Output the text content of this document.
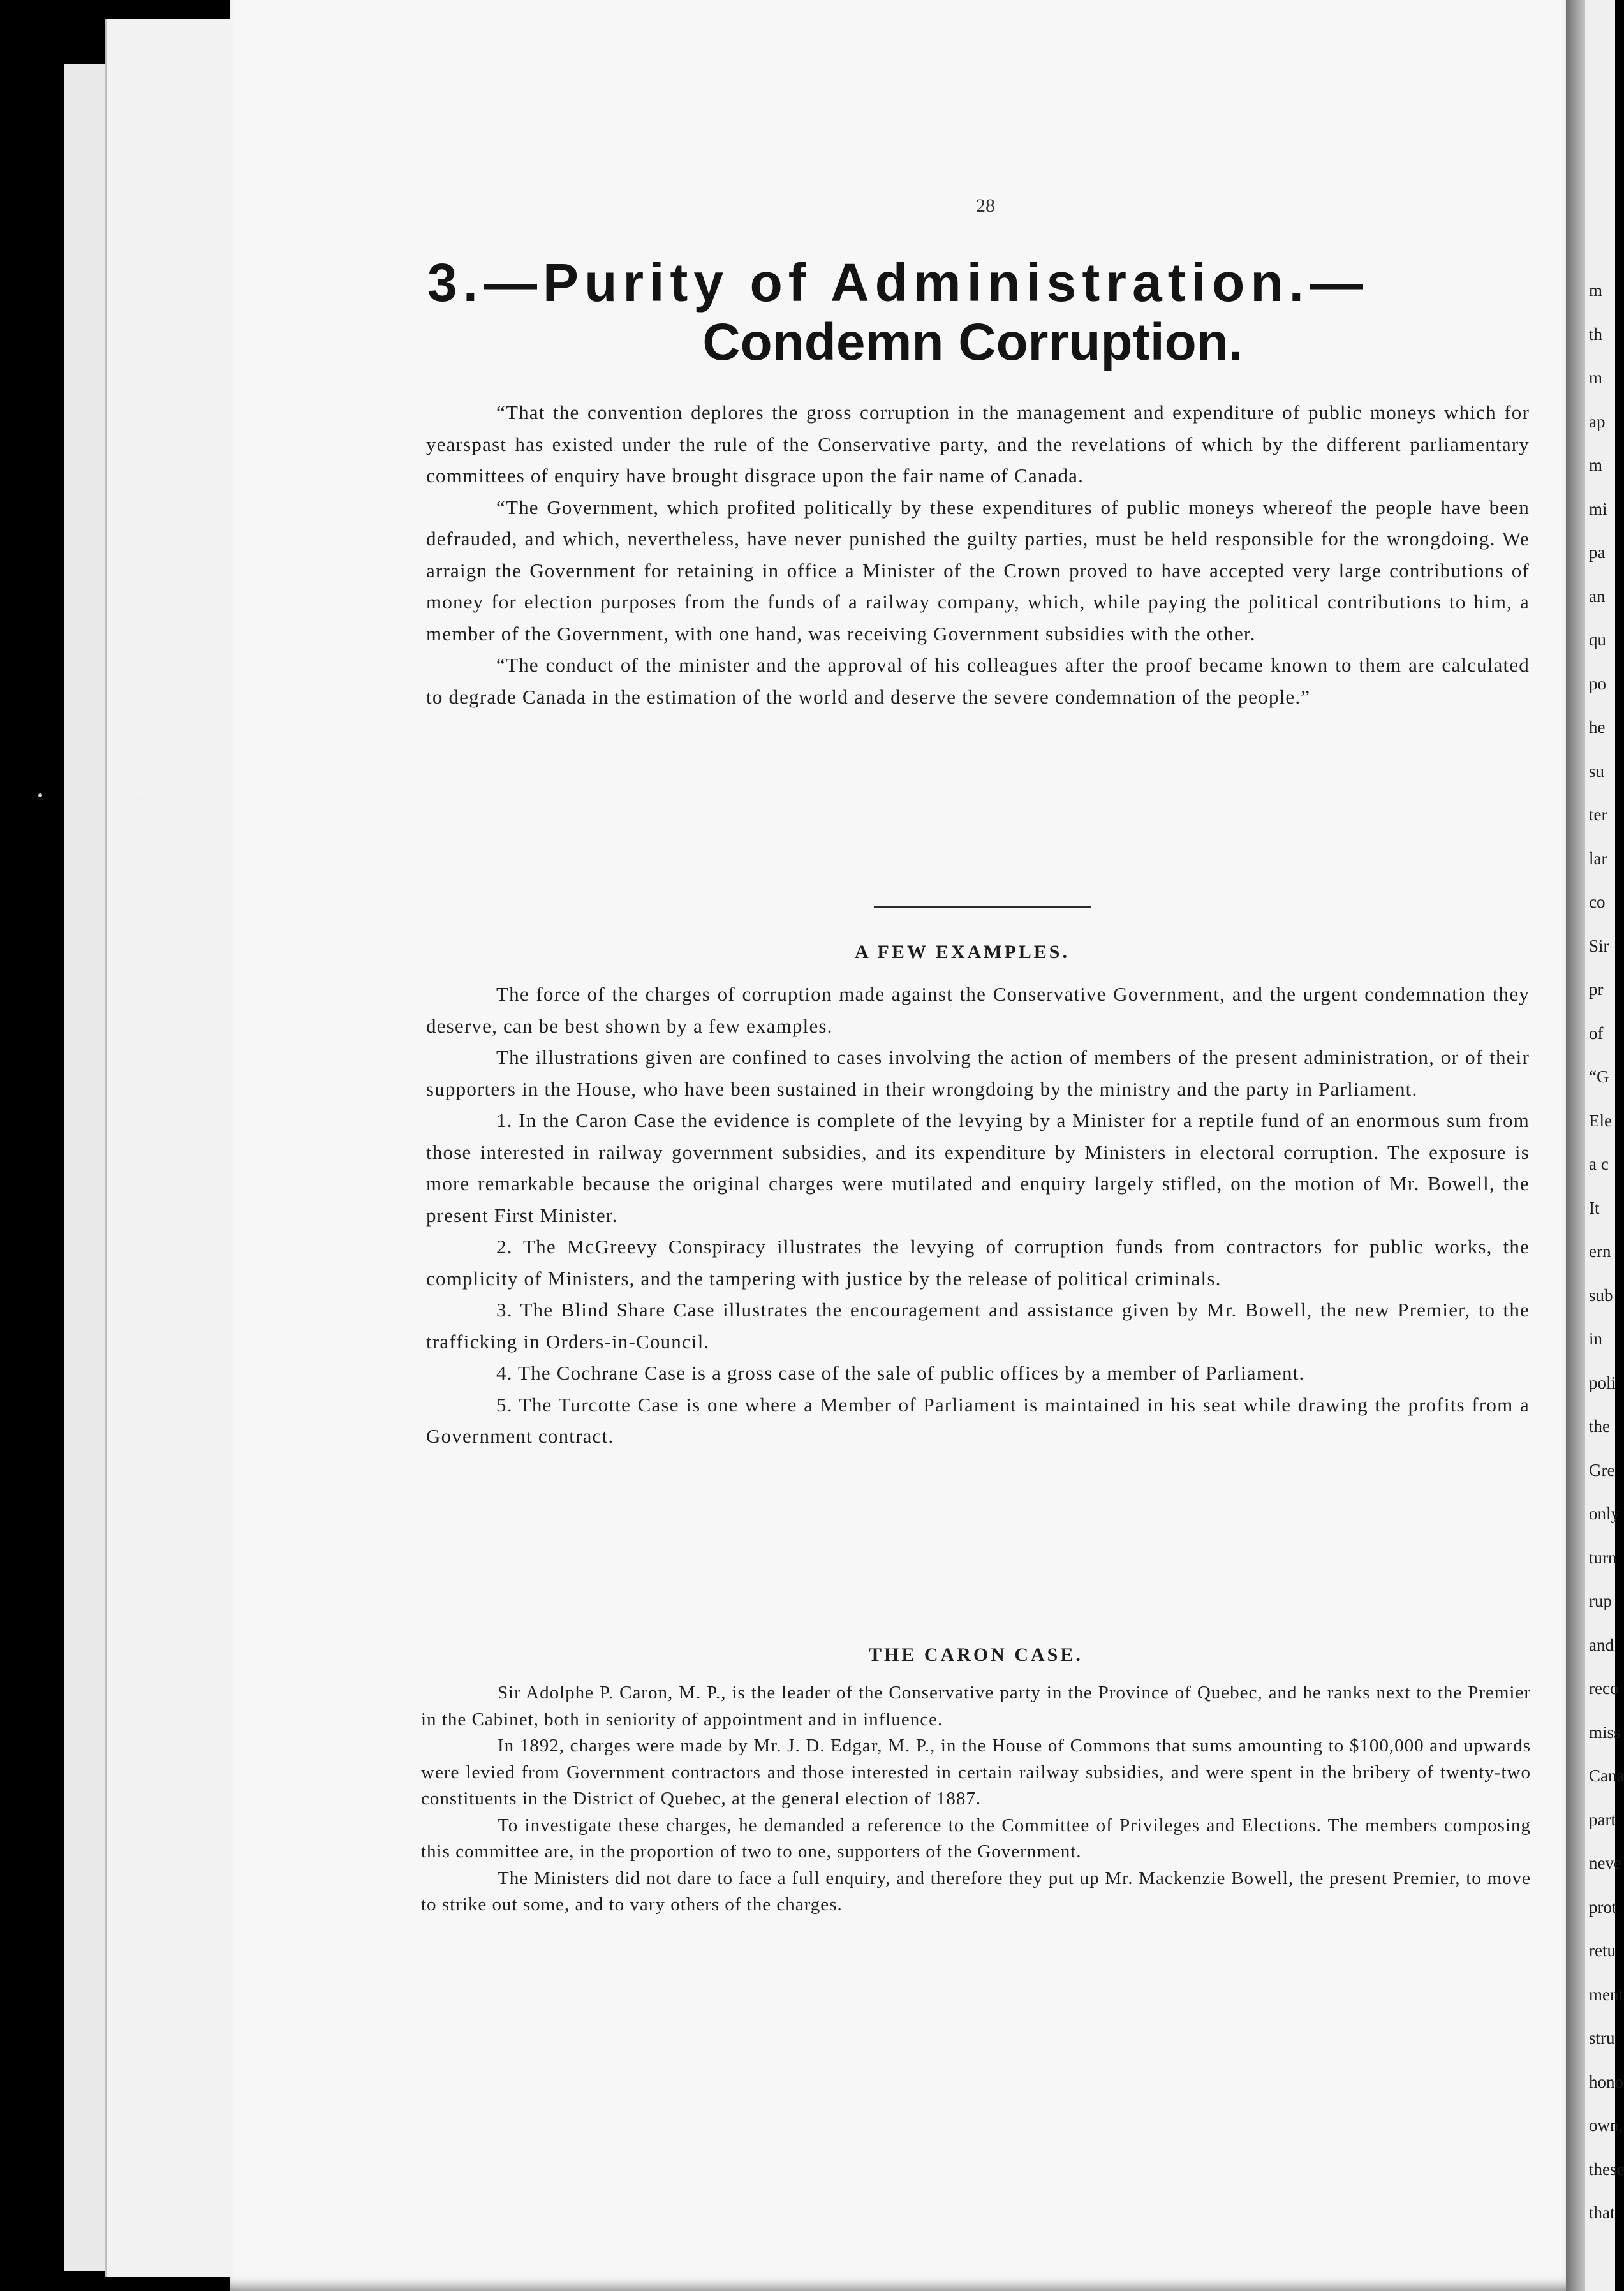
m
th
m
ap
m
mi
pa
an
qu
po
he
su
ter
lar
co
Sir
pr
of
“G
Ele
a c
It
ern
sub
in
poli
the
Gre
only
turn
rup
and
reco
miss
Cana
part
neve
prot
retu
ment
stru
hono
own,
these
that
28
3.—Purity of Administration.—
Condemn Corruption.

“That the convention deplores the gross corruption in the management and expenditure of public moneys which for yearspast has existed under the rule of the Conservative party, and the revelations of which by the different parliamentary committees of enquiry have brought disgrace upon the fair name of Canada.

“The Government, which profited politically by these expenditures of public moneys whereof the people have been defrauded, and which, nevertheless, have never punished the guilty parties, must be held responsible for the wrongdoing. We arraign the Government for retaining in office a Minister of the Crown proved to have accepted very large contributions of money for election purposes from the funds of a railway company, which, while paying the political contributions to him, a member of the Government, with one hand, was receiving Government subsidies with the other.

“The conduct of the minister and the approval of his colleagues after the proof became known to them are calculated to degrade Canada in the estimation of the world and deserve the severe condemnation of the people.”

A FEW EXAMPLES.

The force of the charges of corruption made against the Conservative Government, and the urgent condemnation they deserve, can be best shown by a few examples.

The illustrations given are confined to cases involving the action of members of the present administration, or of their supporters in the House, who have been sustained in their wrongdoing by the ministry and the party in Parliament.

1. In the Caron Case the evidence is complete of the levying by a Minister for a reptile fund of an enormous sum from those interested in railway government subsidies, and its expenditure by Ministers in electoral corruption. The exposure is more remarkable because the original charges were mutilated and enquiry largely stifled, on the motion of Mr. Bowell, the present First Minister.

2. The McGreevy Conspiracy illustrates the levying of corruption funds from contractors for public works, the complicity of Ministers, and the tampering with justice by the release of political criminals.

3. The Blind Share Case illustrates the encouragement and assistance given by Mr. Bowell, the new Premier, to the trafficking in Orders-in-Council.

4. The Cochrane Case is a gross case of the sale of public offices by a member of Parliament.

5. The Turcotte Case is one where a Member of Parliament is maintained in his seat while drawing the profits from a Government contract.

THE CARON CASE.

Sir Adolphe P. Caron, M. P., is the leader of the Conservative party in the Province of Quebec, and he ranks next to the Premier in the Cabinet, both in seniority of appointment and in influence.

In 1892, charges were made by Mr. J. D. Edgar, M. P., in the House of Commons that sums amounting to $100,000 and upwards were levied from Government contractors and those interested in certain railway subsidies, and were spent in the bribery of twenty-two constituents in the District of Quebec, at the general election of 1887.

To investigate these charges, he demanded a reference to the Committee of Privileges and Elections. The members composing this committee are, in the proportion of two to one, supporters of the Government.

The Ministers did not dare to face a full enquiry, and therefore they put up Mr. Mackenzie Bowell, the present Premier, to move to strike out some, and to vary others of the charges.
